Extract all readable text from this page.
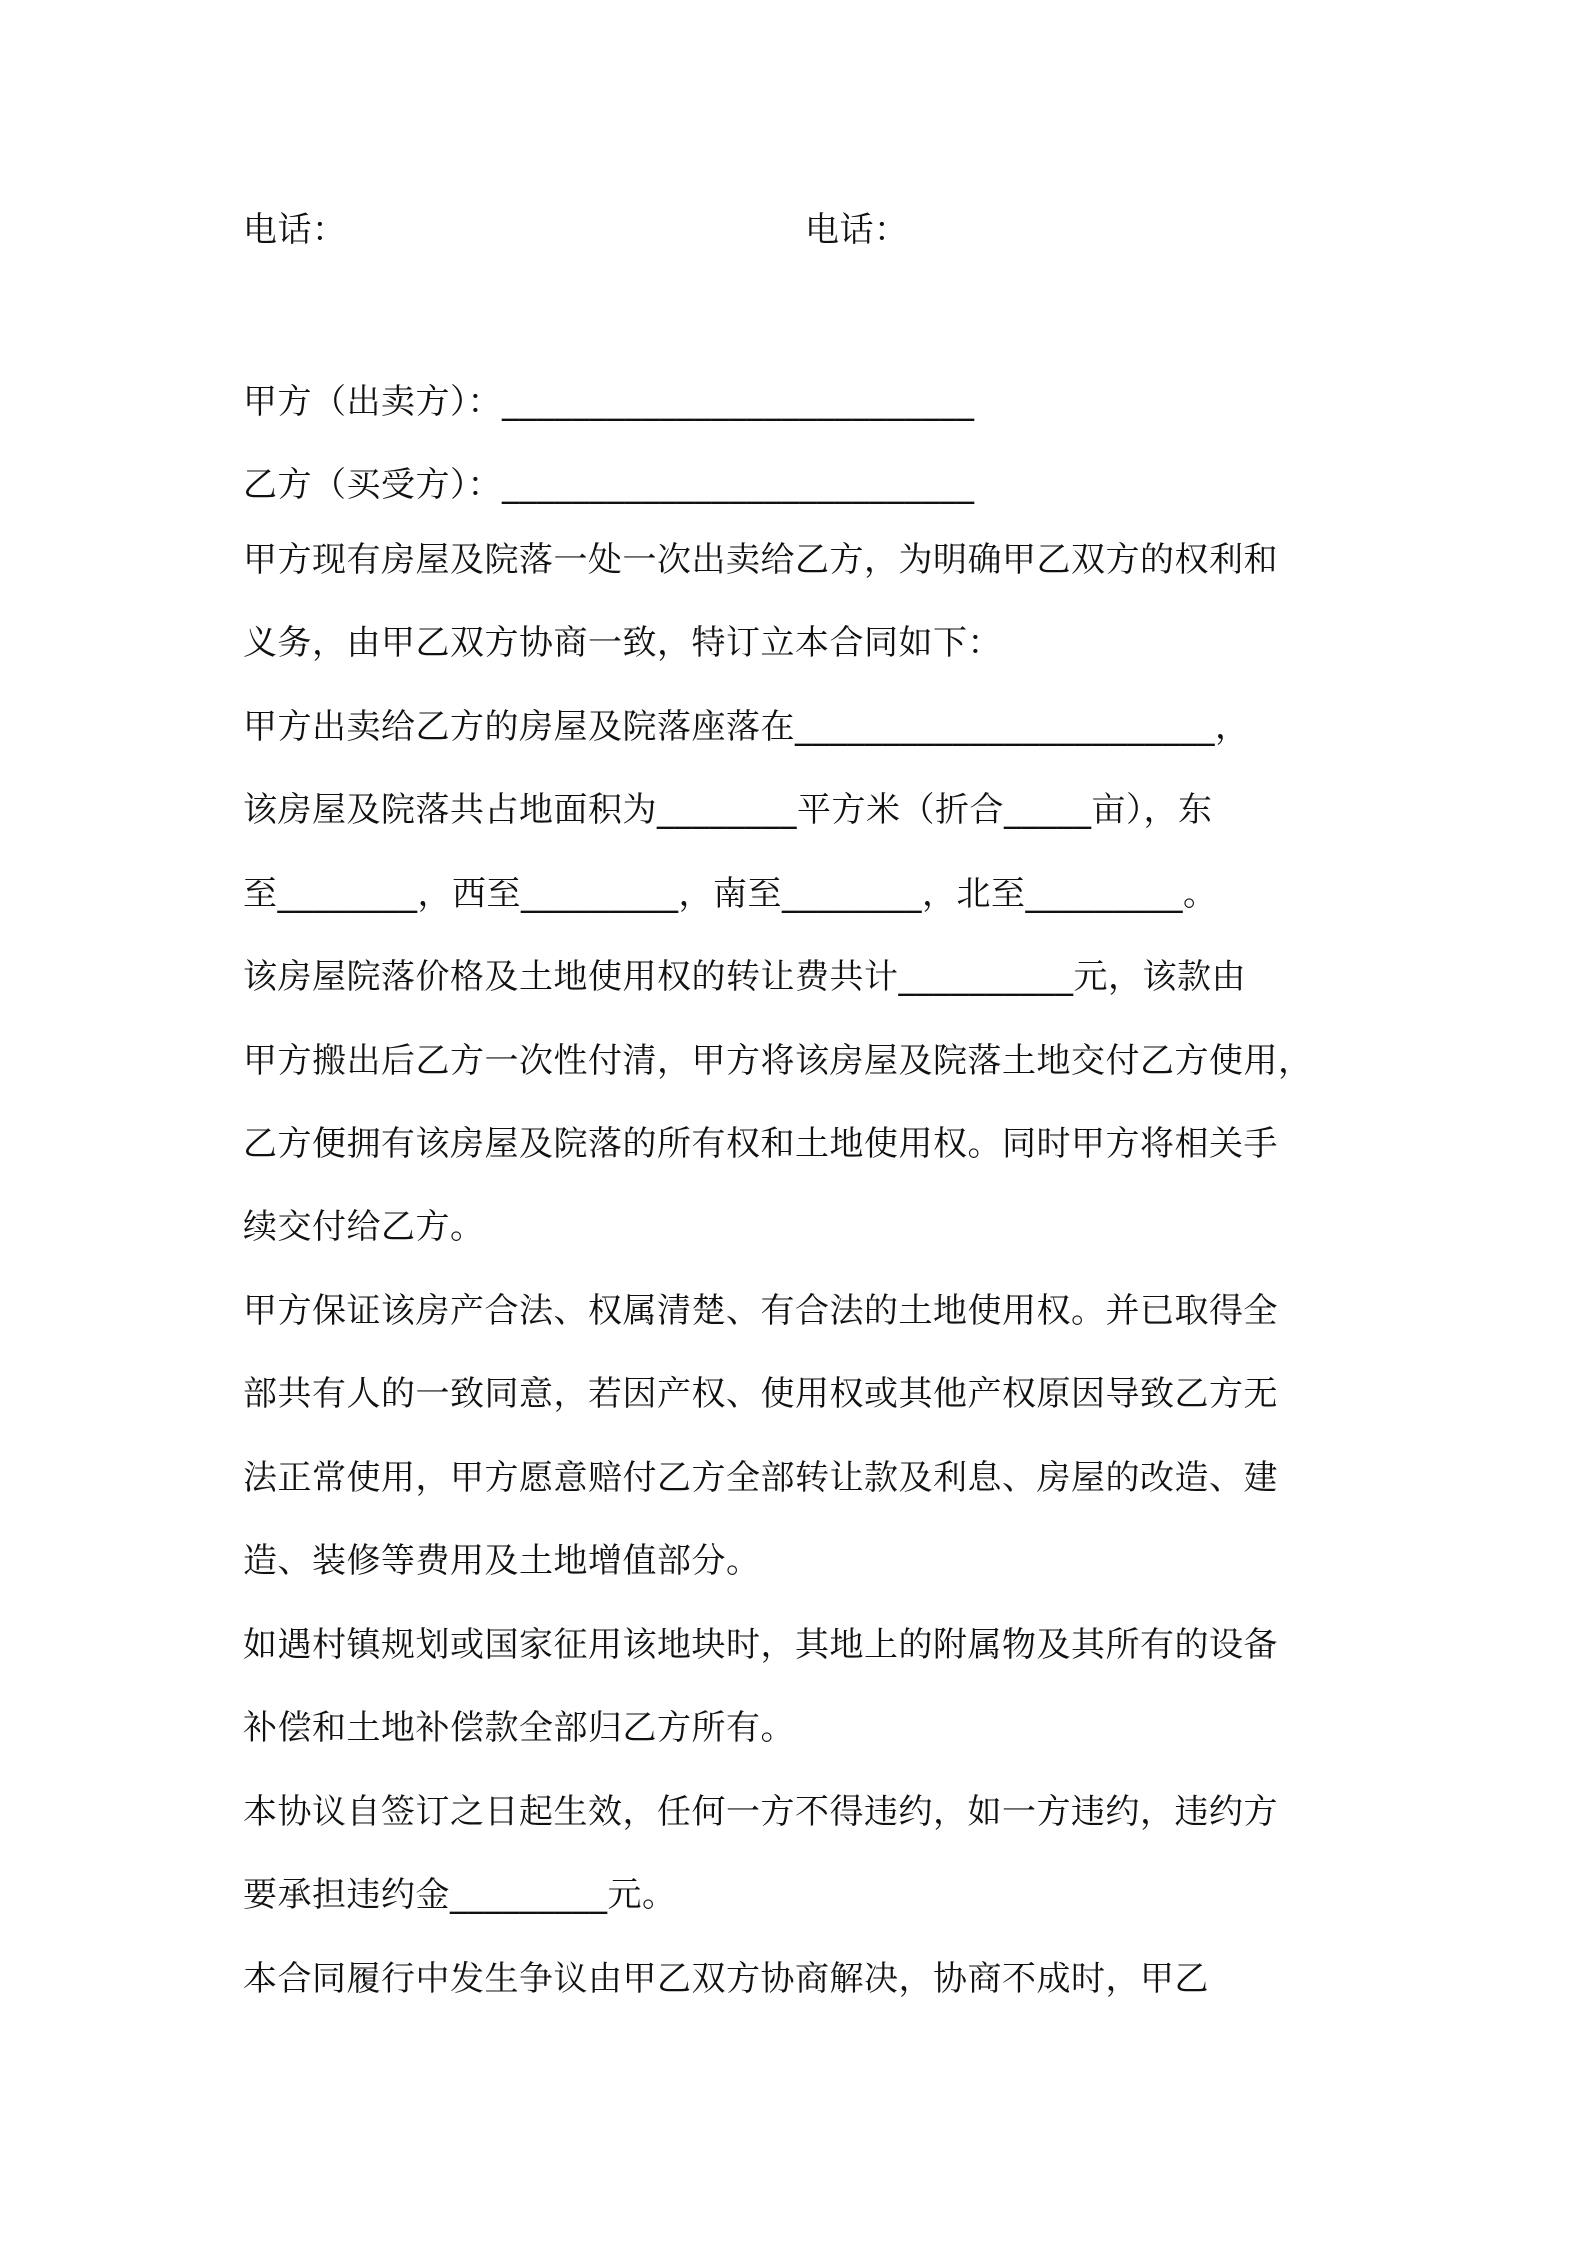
电话：	电话：
甲方（出卖方）：___________________________
乙方（买受方）：___________________________
甲方现有房屋及院落一处一次出卖给乙方，为明确甲乙双方的权利和
义务，由甲乙双方协商一致，特订立本合同如下：
甲方出卖给乙方的房屋及院落座落在________________________，
该房屋及院落共占地面积为________平方米（折合_____亩），东
至________，西至_________，南至________，北至_________。
该房屋院落价格及土地使用权的转让费共计__________元，该款由
甲方搬出后乙方一次性付清，甲方将该房屋及院落土地交付乙方使用，
乙方便拥有该房屋及院落的所有权和土地使用权。同时甲方将相关手
续交付给乙方。
甲方保证该房产合法、权属清楚、有合法的土地使用权。并已取得全
部共有人的一致同意，若因产权、使用权或其他产权原因导致乙方无
法正常使用，甲方愿意赔付乙方全部转让款及利息、房屋的改造、建
造、装修等费用及土地增值部分。
如遇村镇规划或国家征用该地块时，其地上的附属物及其所有的设备
补偿和土地补偿款全部归乙方所有。
本协议自签订之日起生效，任何一方不得违约，如一方违约，违约方
要承担违约金_________元。
本合同履行中发生争议由甲乙双方协商解决，协商不成时，甲乙
